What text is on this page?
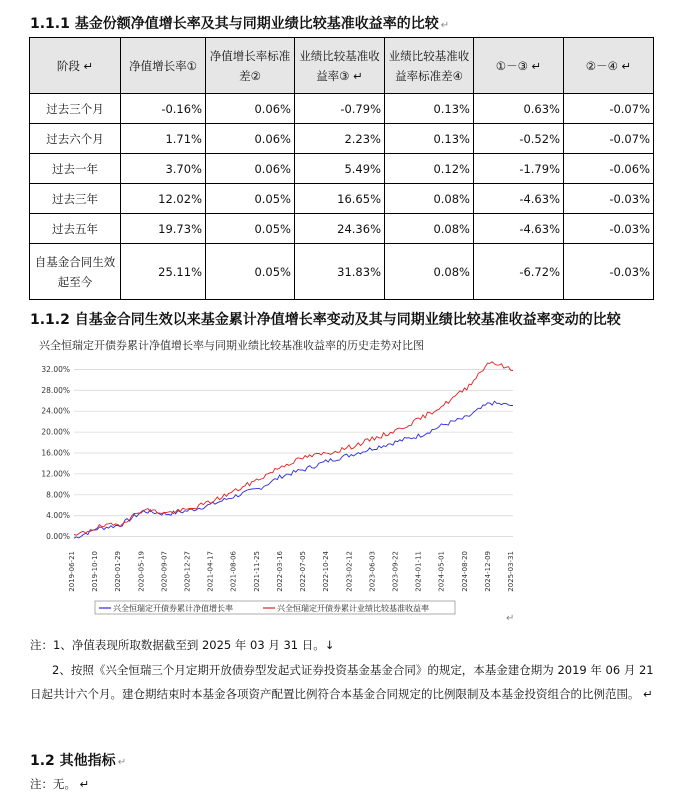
1.1.1 基金份额净值增长率及其与同期业绩比较基准收益率的比较 ↵
阶段 ↵	净值增长率①	净值增长率标准差②	业绩比较基准收益率③ ↵	业绩比较基准收益率标准差④	①－③ ↵	②－④ ↵
过去三个月	-0.16%	0.06%	-0.79%	0.13%	0.63%	-0.07%
过去六个月	1.71%	0.06%	2.23%	0.13%	-0.52%	-0.07%
过去一年	3.70%	0.06%	5.49%	0.12%	-1.79%	-0.06%
过去三年	12.02%	0.05%	16.65%	0.08%	-4.63%	-0.03%
过去五年	19.73%	0.05%	24.36%	0.08%	-4.63%	-0.03%
自基金合同生效起至今	25.11%	0.05%	31.83%	0.08%	-6.72%	-0.03%
1.1.2 自基金合同生效以来基金累计净值增长率变动及其与同期业绩比较基准收益率变动的比较
兴全恒瑞定开债券累计净值增长率与同期业绩比较基准收益率的历史走势对比图
0.00%
4.00%
8.00%
12.00%
16.00%
20.00%
24.00%
28.00%
32.00%
2019-06-21 2019-10-10 2020-01-29 2020-05-19 2020-09-07 2020-12-27 2021-04-17 2021-08-06 2021-11-25 2022-03-16 2022-07-05 2022-10-24 2023-02-12 2023-06-03 2023-09-22 2024-01-11 2024-05-01 2024-08-20 2024-12-09 2025-03-31
兴全恒瑞定开债券累计净值增长率	兴全恒瑞定开债券累计业绩比较基准收益率
↵
注：1、净值表现所取数据截至到 2025 年 03 月 31 日。↓
2、按照《兴全恒瑞三个月定期开放债券型发起式证券投资基金基金合同》的规定，本基金建仓期为 2019 年 06 月 21 日起共计六个月。建仓期结束时本基金各项资产配置比例符合本基金合同规定的比例限制及本基金投资组合的比例范围。 ↵
1.2 其他指标 ↵
注：无。 ↵
